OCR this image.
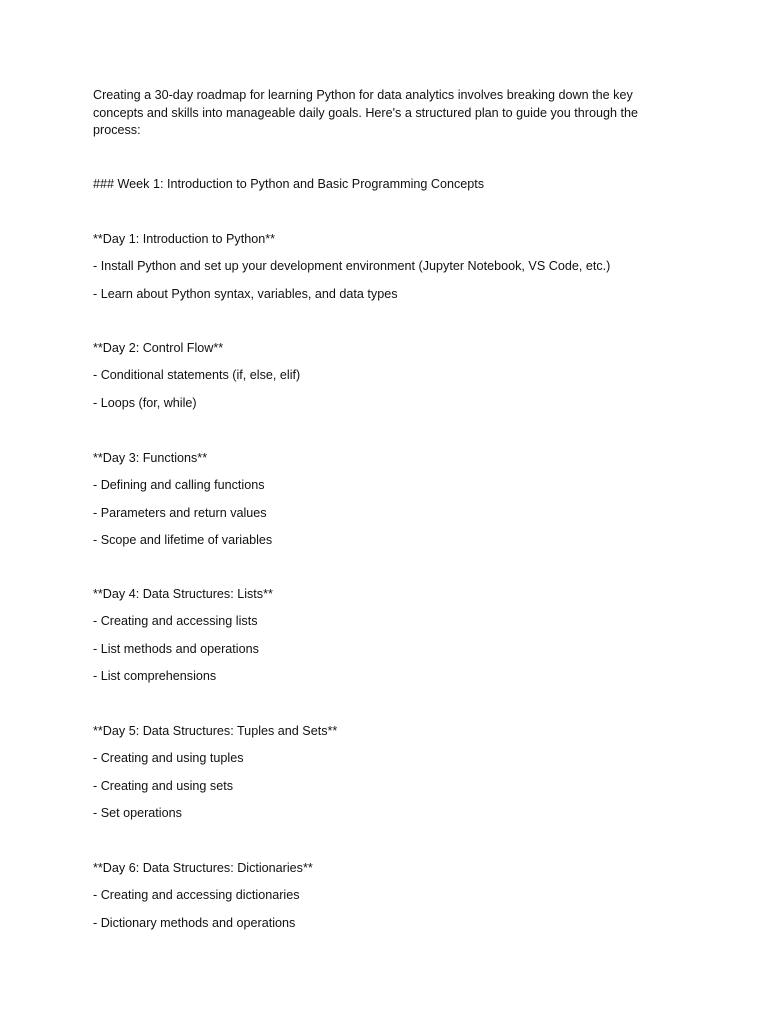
Creating a 30-day roadmap for learning Python for data analytics involves breaking down the key concepts and skills into manageable daily goals. Here's a structured plan to guide you through the process:

### Week 1: Introduction to Python and Basic Programming Concepts

**Day 1: Introduction to Python**

- Install Python and set up your development environment (Jupyter Notebook, VS Code, etc.)

- Learn about Python syntax, variables, and data types

**Day 2: Control Flow**

- Conditional statements (if, else, elif)

- Loops (for, while)

**Day 3: Functions**

- Defining and calling functions

- Parameters and return values

- Scope and lifetime of variables

**Day 4: Data Structures: Lists**

- Creating and accessing lists

- List methods and operations

- List comprehensions

**Day 5: Data Structures: Tuples and Sets**

- Creating and using tuples

- Creating and using sets

- Set operations

**Day 6: Data Structures: Dictionaries**

- Creating and accessing dictionaries

- Dictionary methods and operations
